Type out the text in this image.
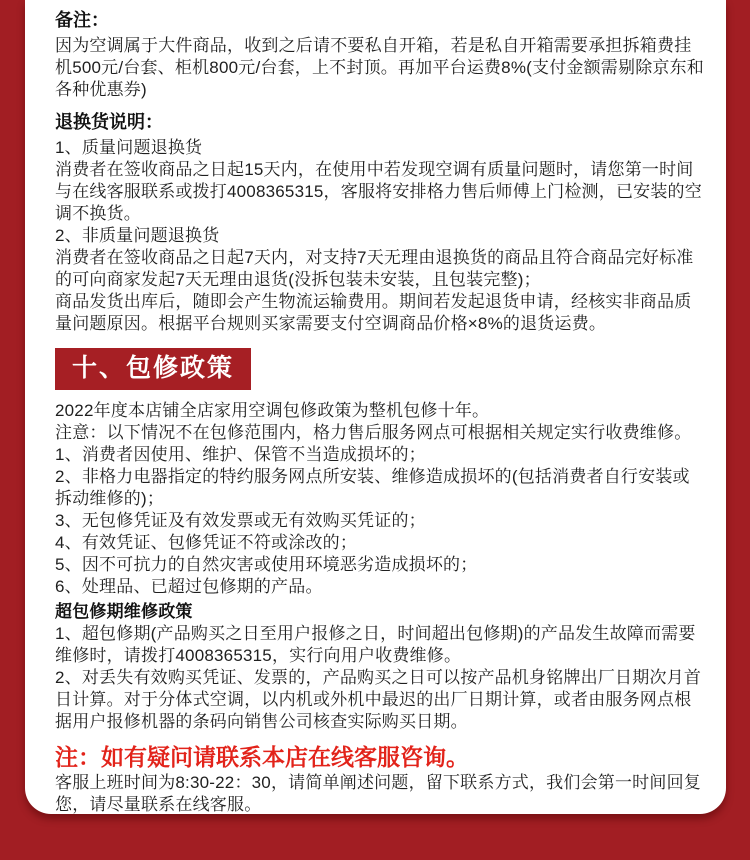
备注：

因为空调属于大件商品，收到之后请不要私自开箱，若是私自开箱需要承担拆箱费挂机500元/台套、柜机800元/台套，上不封顶。再加平台运费8%(支付金额需剔除京东和各种优惠券)

退换货说明：

1、质量问题退换货

消费者在签收商品之日起15天内，在使用中若发现空调有质量问题时，请您第一时间与在线客服联系或拨打4008365315，客服将安排格力售后师傅上门检测，已安装的空调不换货。

2、非质量问题退换货

消费者在签收商品之日起7天内，对支持7天无理由退换货的商品且符合商品完好标准的可向商家发起7天无理由退货(没拆包装未安装，且包装完整)；

商品发货出库后，随即会产生物流运输费用。期间若发起退货申请，经核实非商品质量问题原因。根据平台规则买家需要支付空调商品价格×8%的退货运费。

十、包修政策

2022年度本店铺全店家用空调包修政策为整机包修十年。

注意：以下情况不在包修范围内，格力售后服务网点可根据相关规定实行收费维修。

1、消费者因使用、维护、保管不当造成损坏的；

2、非格力电器指定的特约服务网点所安装、维修造成损坏的(包括消费者自行安装或拆动维修的)；

3、无包修凭证及有效发票或无有效购买凭证的；

4、有效凭证、包修凭证不符或涂改的；

5、因不可抗力的自然灾害或使用环境恶劣造成损坏的；

6、处理品、已超过包修期的产品。

超包修期维修政策

1、超包修期(产品购买之日至用户报修之日，时间超出包修期)的产品发生故障而需要维修时，请拨打4008365315，实行向用户收费维修。

2、对丢失有效购买凭证、发票的，产品购买之日可以按产品机身铭牌出厂日期次月首日计算。对于分体式空调，以内机或外机中最迟的出厂日期计算，或者由服务网点根据用户报修机器的条码向销售公司核查实际购买日期。

注：如有疑问请联系本店在线客服咨询。

客服上班时间为8:30-22：30，请简单阐述问题，留下联系方式，我们会第一时间回复您，请尽量联系在线客服。
